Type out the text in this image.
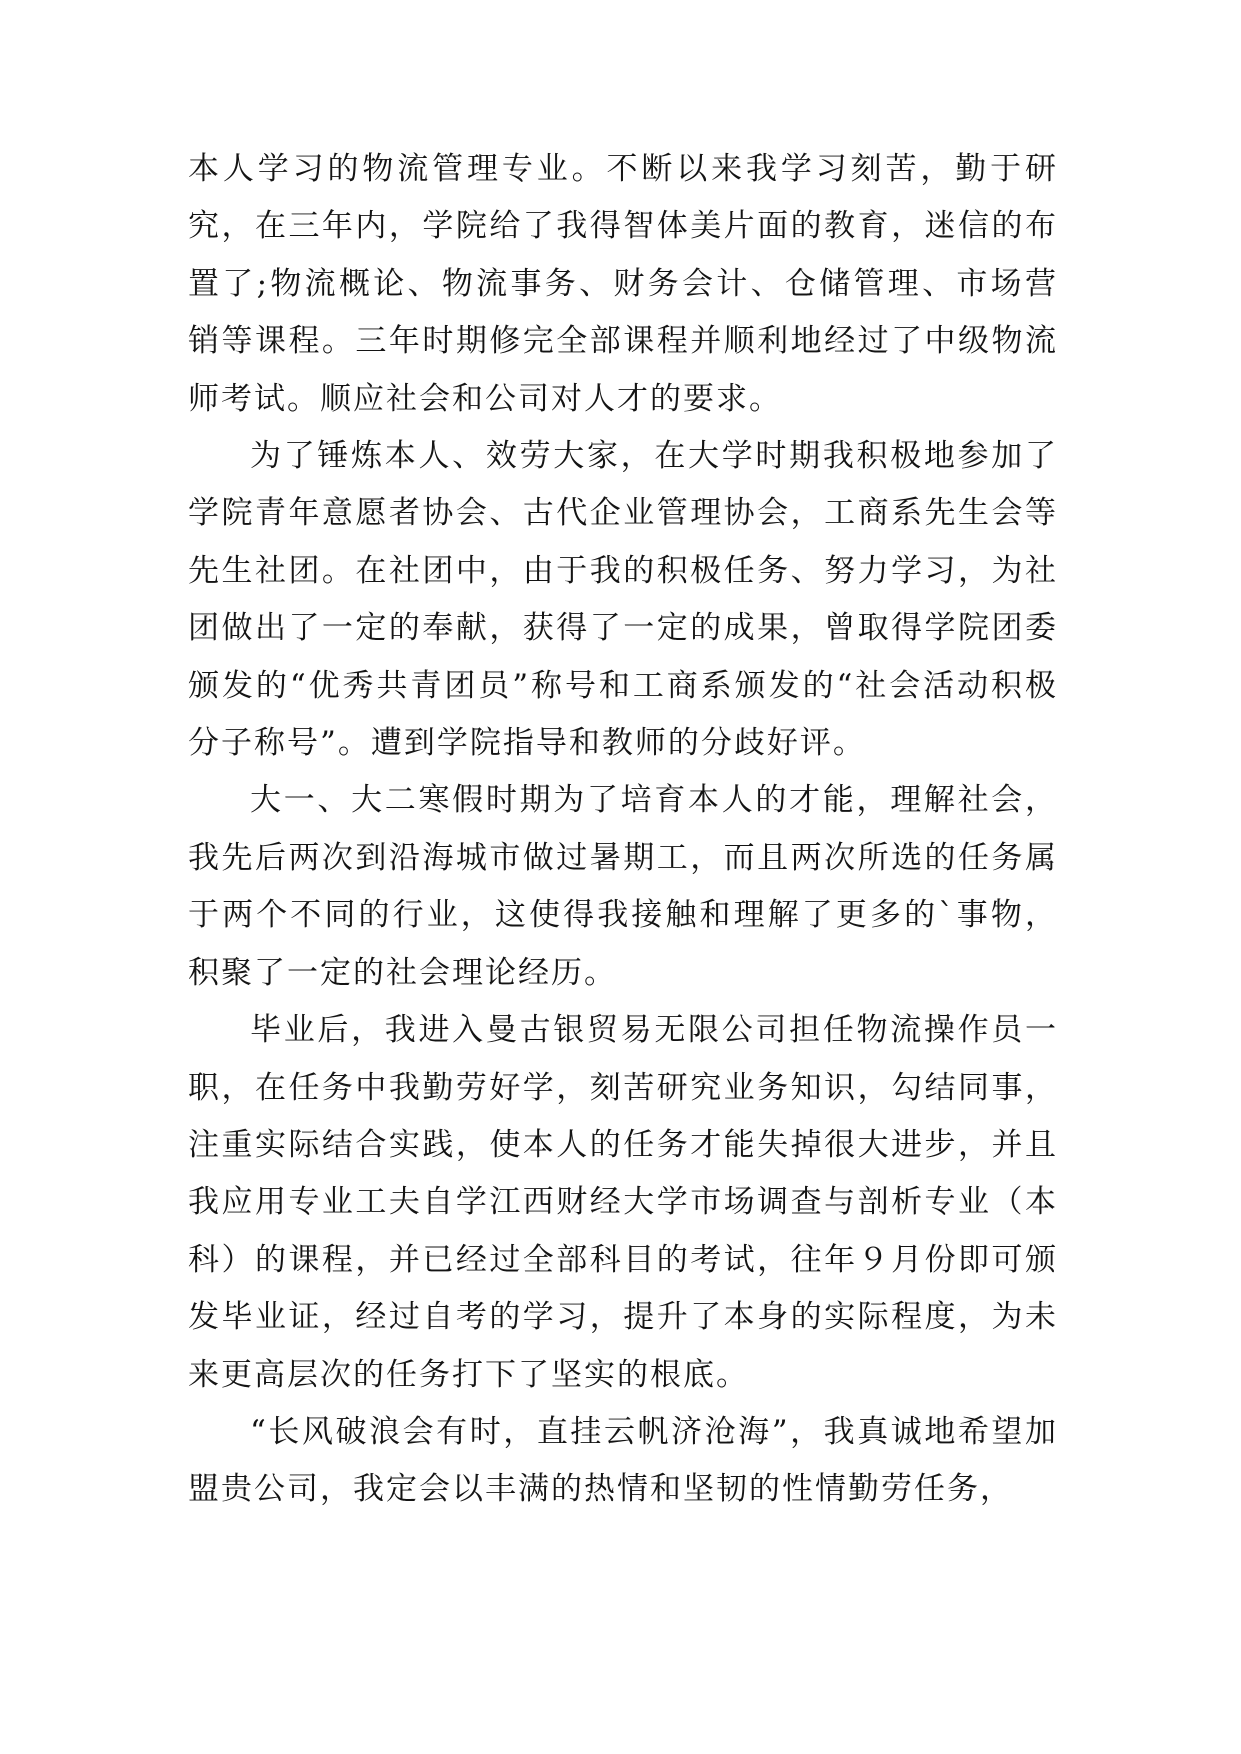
本人学习的物流管理专业。不断以来我学习刻苦，勤于研究，在三年内，学院给了我得智体美片面的教育，迷信的布置了;物流概论、物流事务、财务会计、仓储管理、市场营销等课程。三年时期修完全部课程并顺利地经过了中级物流师考试。顺应社会和公司对人才的要求。

为了锤炼本人、效劳大家，在大学时期我积极地参加了学院青年意愿者协会、古代企业管理协会，工商系先生会等先生社团。在社团中，由于我的积极任务、努力学习，为社团做出了一定的奉献，获得了一定的成果，曾取得学院团委颁发的“优秀共青团员”称号和工商系颁发的“社会活动积极分子称号”。遭到学院指导和教师的分歧好评。

大一、大二寒假时期为了培育本人的才能，理解社会，我先后两次到沿海城市做过暑期工，而且两次所选的任务属于两个不同的行业，这使得我接触和理解了更多的`事物，积聚了一定的社会理论经历。

毕业后，我进入曼古银贸易无限公司担任物流操作员一职，在任务中我勤劳好学，刻苦研究业务知识，勾结同事，注重实际结合实践，使本人的任务才能失掉很大进步，并且我应用专业工夫自学江西财经大学市场调查与剖析专业（本科）的课程，并已经过全部科目的考试，往年９月份即可颁发毕业证，经过自考的学习，提升了本身的实际程度，为未来更高层次的任务打下了坚实的根底。

“长风破浪会有时，直挂云帆济沧海”，我真诚地希望加盟贵公司，我定会以丰满的热情和坚韧的性情勤劳任务，
